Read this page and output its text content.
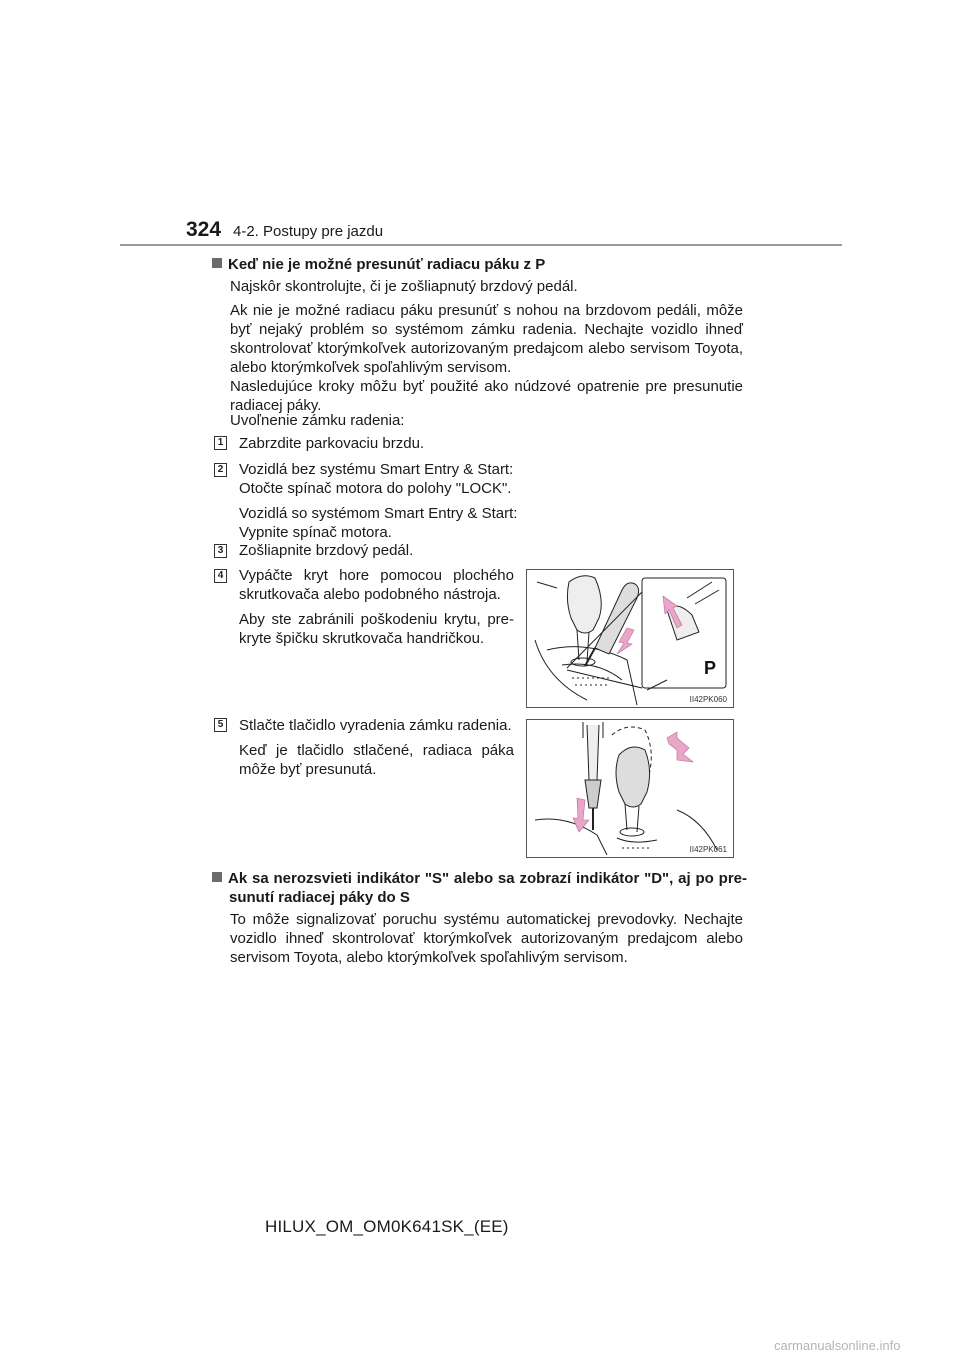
324 4-2. Postupy pre jazdu
Keď nie je možné presunúť radiacu páku z P
Najskôr skontrolujte, či je zošliapnutý brzdový pedál.
Ak nie je možné radiacu páku presunúť s nohou na brzdovom pedáli, môže
byť nejaký problém so systémom zámku radenia. Nechajte vozidlo ihneď
skontrolovať ktorýmkoľvek autorizovaným predajcom alebo servisom Toyota,
alebo ktorýmkoľvek spoľahlivým servisom.
Nasledujúce kroky môžu byť použité ako núdzové opatrenie pre presunutie
radiacej páky.
Uvoľnenie zámku radenia:
1 Zabrzdite parkovaciu brzdu.
2 Vozidlá bez systému Smart Entry & Start:
Otočte spínač motora do polohy "LOCK".
Vozidlá so systémom Smart Entry & Start:
Vypnite spínač motora.
3 Zošliapnite brzdový pedál.
4 Vypáčte kryt hore pomocou plochého
skrutkovača alebo podobného nástroja.
Aby ste zabránili poškodeniu krytu, pre-
kryte špičku skrutkovača handričkou.
P
II42PK060
5 Stlačte tlačidlo vyradenia zámku radenia.
Keď je tlačidlo stlačené, radiaca páka
môže byť presunutá.
II42PK061
Ak sa nerozsvieti indikátor "S" alebo sa zobrazí indikátor "D", aj po pre-
sunutí radiacej páky do S
To môže signalizovať poruchu systému automatickej prevodovky. Nechajte
vozidlo ihneď skontrolovať ktorýmkoľvek autorizovaným predajcom alebo
servisom Toyota, alebo ktorýmkoľvek spoľahlivým servisom.
HILUX_OM_OM0K641SK_(EE)
carmanualsonline.info
